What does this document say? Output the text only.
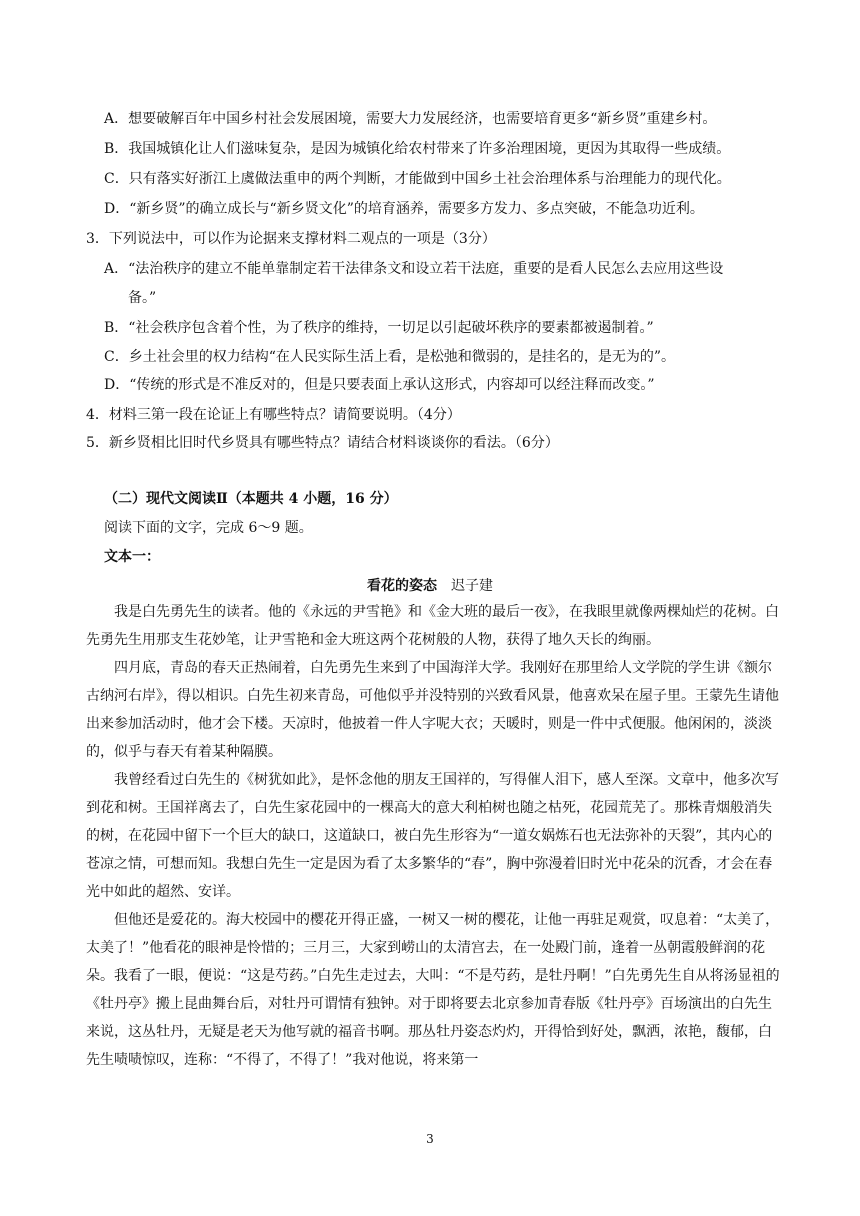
A．想要破解百年中国乡村社会发展困境，需要大力发展经济，也需要培育更多“新乡贤”重建乡村。

B．我国城镇化让人们滋味复杂，是因为城镇化给农村带来了许多治理困境，更因为其取得一些成绩。

C．只有落实好浙江上虞做法重申的两个判断，才能做到中国乡土社会治理体系与治理能力的现代化。

D．“新乡贤”的确立成长与“新乡贤文化”的培育涵养，需要多方发力、多点突破，不能急功近利。

3．下列说法中，可以作为论据来支撑材料二观点的一项是（3分）

A．“法治秩序的建立不能单靠制定若干法律条文和设立若干法庭，重要的是看人民怎么去应用这些设

备。”

B．“社会秩序包含着个性，为了秩序的维持，一切足以引起破坏秩序的要素都被遏制着。”

C．乡土社会里的权力结构“在人民实际生活上看，是松弛和微弱的，是挂名的，是无为的”。

D．“传统的形式是不准反对的，但是只要表面上承认这形式，内容却可以经注释而改变。”

4．材料三第一段在论证上有哪些特点？请简要说明。（4分）

5．新乡贤相比旧时代乡贤具有哪些特点？请结合材料谈谈你的看法。（6分）

（二）现代文阅读Ⅱ（本题共 4 小题，16 分）

阅读下面的文字，完成 6～9 题。

文本一：

看花的姿态 迟子建

我是白先勇先生的读者。他的《永远的尹雪艳》和《金大班的最后一夜》，在我眼里就像两棵灿烂的花树。白先勇先生用那支生花妙笔，让尹雪艳和金大班这两个花树般的人物，获得了地久天长的绚丽。

四月底，青岛的春天正热闹着，白先勇先生来到了中国海洋大学。我刚好在那里给人文学院的学生讲《额尔古纳河右岸》，得以相识。白先生初来青岛，可他似乎并没特别的兴致看风景，他喜欢呆在屋子里。王蒙先生请他出来参加活动时，他才会下楼。天凉时，他披着一件人字呢大衣；天暖时，则是一件中式便服。他闲闲的，淡淡的，似乎与春天有着某种隔膜。

我曾经看过白先生的《树犹如此》，是怀念他的朋友王国祥的，写得催人泪下，感人至深。文章中，他多次写到花和树。王国祥离去了，白先生家花园中的一棵高大的意大利柏树也随之枯死，花园荒芜了。那株青烟般消失的树，在花园中留下一个巨大的缺口，这道缺口，被白先生形容为“一道女娲炼石也无法弥补的天裂”，其内心的苍凉之情，可想而知。我想白先生一定是因为看了太多繁华的“春”，胸中弥漫着旧时光中花朵的沉香，才会在春光中如此的超然、安详。

但他还是爱花的。海大校园中的樱花开得正盛，一树又一树的樱花，让他一再驻足观赏，叹息着：“太美了，太美了！”他看花的眼神是怜惜的；三月三，大家到崂山的太清宫去，在一处殿门前，逢着一丛朝霞般鲜润的花朵。我看了一眼，便说：“这是芍药。”白先生走过去，大叫：“不是芍药，是牡丹啊！”白先勇先生自从将汤显祖的《牡丹亭》搬上昆曲舞台后，对牡丹可谓情有独钟。对于即将要去北京参加青春版《牡丹亭》百场演出的白先生来说，这丛牡丹，无疑是老天为他写就的福音书啊。那丛牡丹姿态灼灼，开得恰到好处，飘洒，浓艳，馥郁，白先生啧啧惊叹，连称：“不得了，不得了！”我对他说，将来第一

3
